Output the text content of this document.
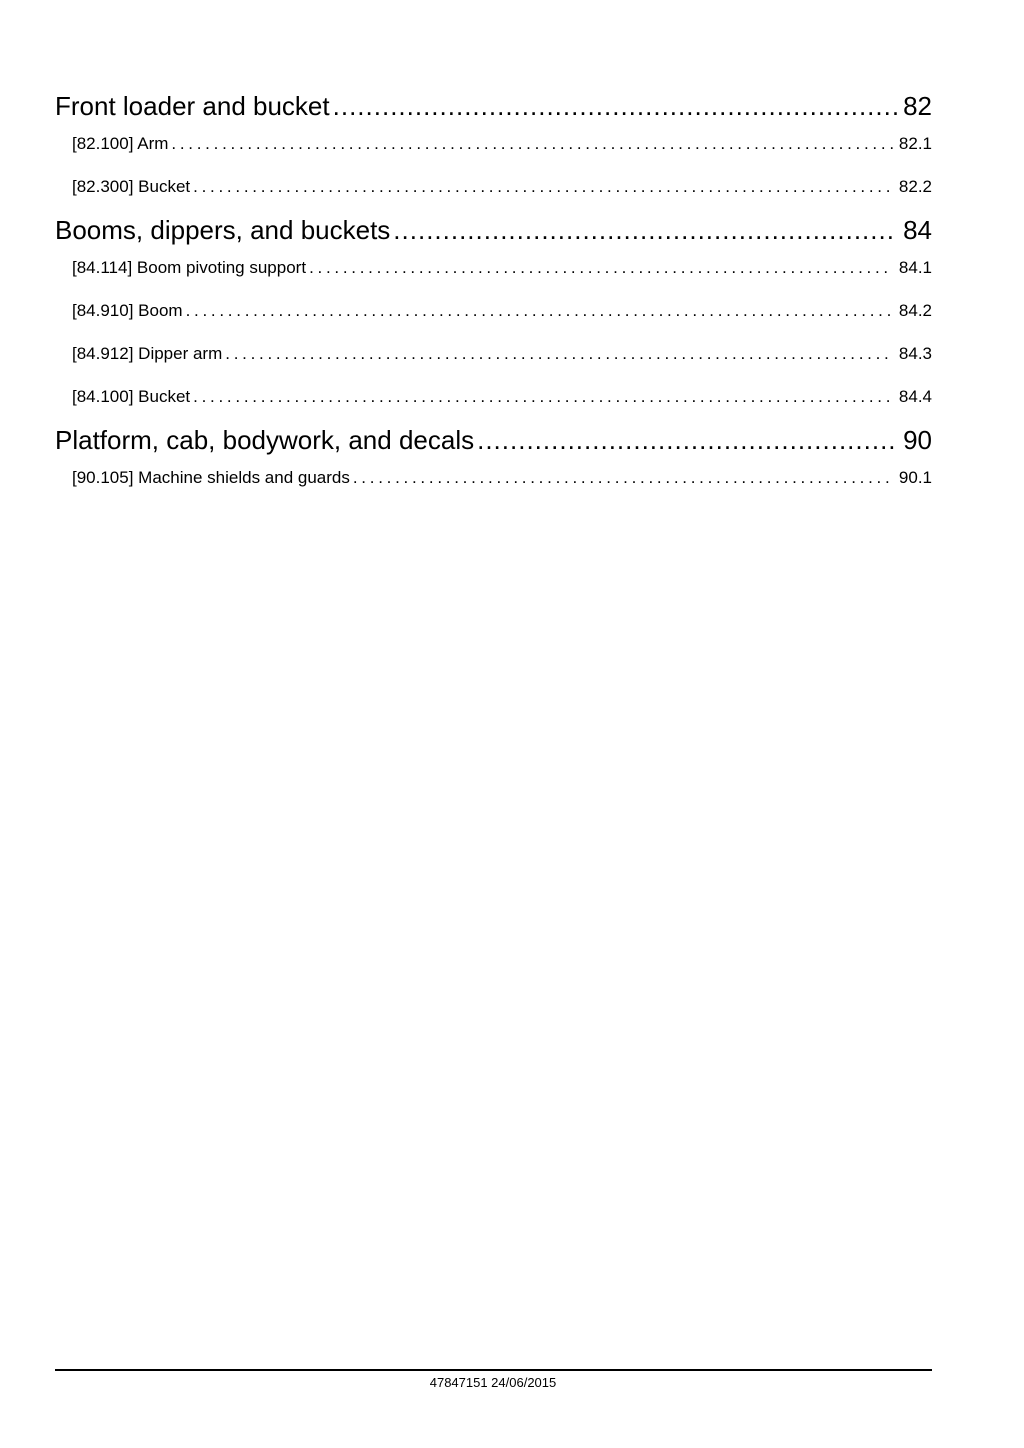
Front loader and bucket .....	82
[82.100] Arm . . .	82.1
[82.300] Bucket . . .	82.2
Booms, dippers, and buckets .....	84
[84.114] Boom pivoting support . . .	84.1
[84.910] Boom . . .	84.2
[84.912] Dipper arm . . .	84.3
[84.100] Bucket . . .	84.4
Platform, cab, bodywork, and decals .....	90
[90.105] Machine shields and guards . . .	90.1
47847151 24/06/2015
